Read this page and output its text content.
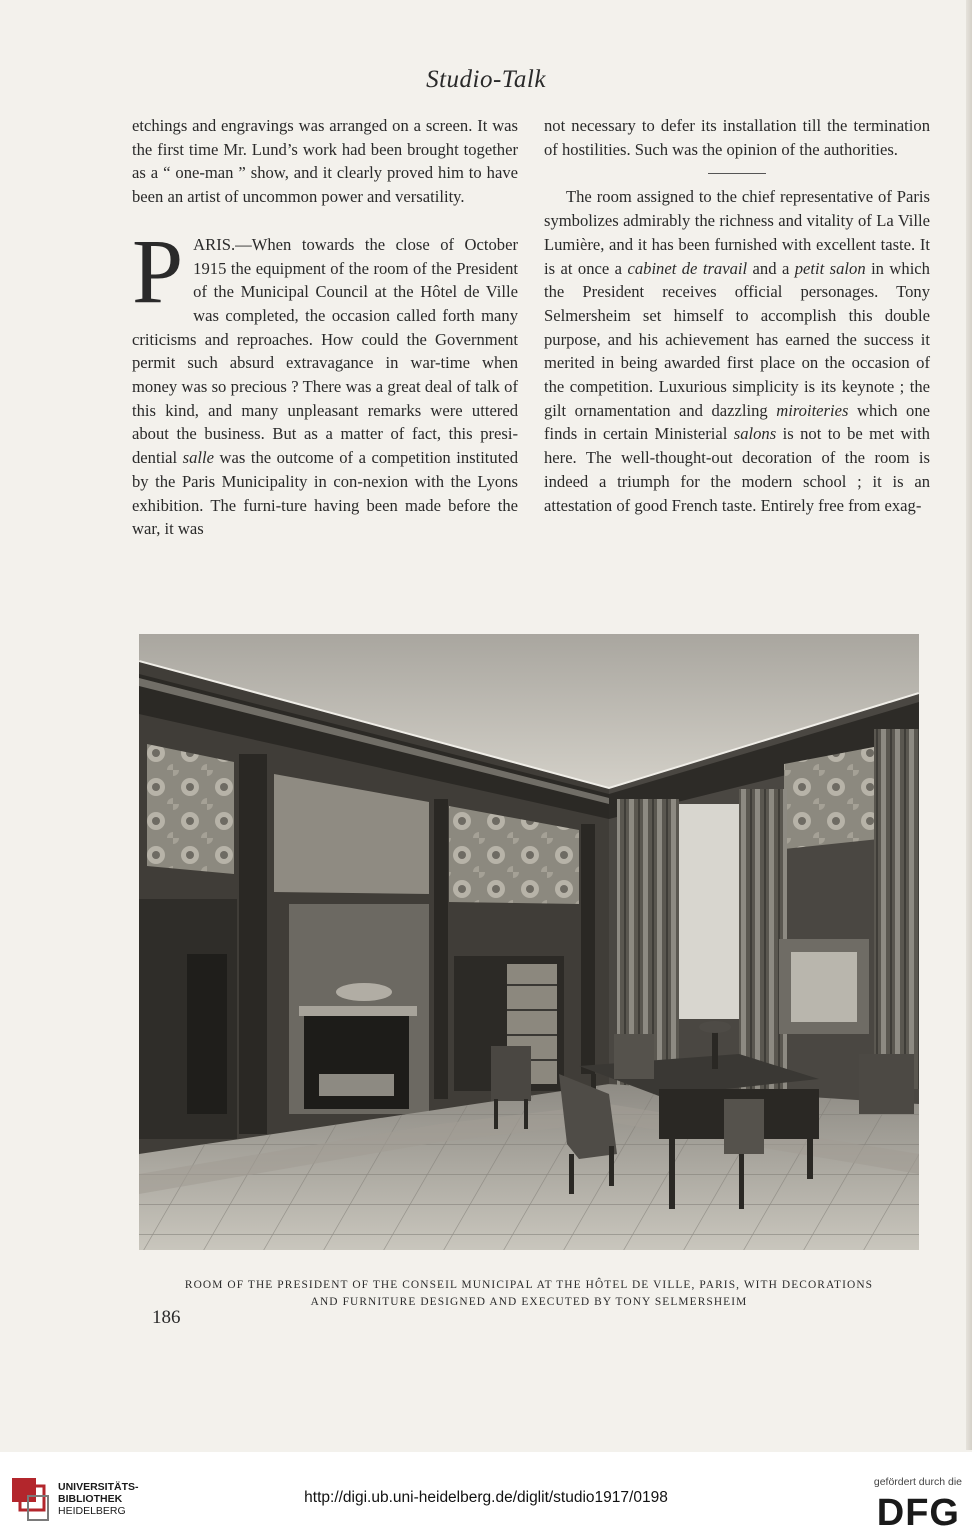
Studio-Talk

etchings and engravings was arranged on a screen. It was the first time Mr. Lund’s work had been brought together as a “ one-man ” show, and it clearly proved him to have been an artist of uncommon power and versatility.

PARIS.—When towards the close of October 1915 the equipment of the room of the President of the Municipal Council at the Hôtel de Ville was completed, the occasion called forth many criticisms and reproaches. How could the Government permit such absurd extravagance in war-time when money was so precious ? There was a great deal of talk of this kind, and many unpleasant remarks were uttered about the business. But as a matter of fact, this presi-dential salle was the outcome of a competition instituted by the Paris Municipality in con-nexion with the Lyons exhibition. The furni-ture having been made before the war, it was

not necessary to defer its installation till the termination of hostilities. Such was the opinion of the authorities.

The room assigned to the chief representative of Paris symbolizes admirably the richness and vitality of La Ville Lumière, and it has been furnished with excellent taste. It is at once a cabinet de travail and a petit salon in which the President receives official personages. Tony Selmersheim set himself to accomplish this double purpose, and his achievement has earned the success it merited in being awarded first place on the occasion of the competition. Luxurious simplicity is its keynote ; the gilt ornamentation and dazzling miroiteries which one finds in certain Ministerial salons is not to be met with here. The well-thought-out decoration of the room is indeed a triumph for the modern school ; it is an attestation of good French taste. Entirely free from exag-

ROOM OF THE PRESIDENT OF THE CONSEIL MUNICIPAL AT THE HÔTEL DE VILLE, PARIS, WITH DECORATIONS
AND FURNITURE DESIGNED AND EXECUTED BY TONY SELMERSHEIM
186
UNIVERSITÄTS-
BIBLIOTHEK
HEIDELBERG
http://digi.ub.uni-heidelberg.de/diglit/studio1917/0198
gefördert durch die
DFG
